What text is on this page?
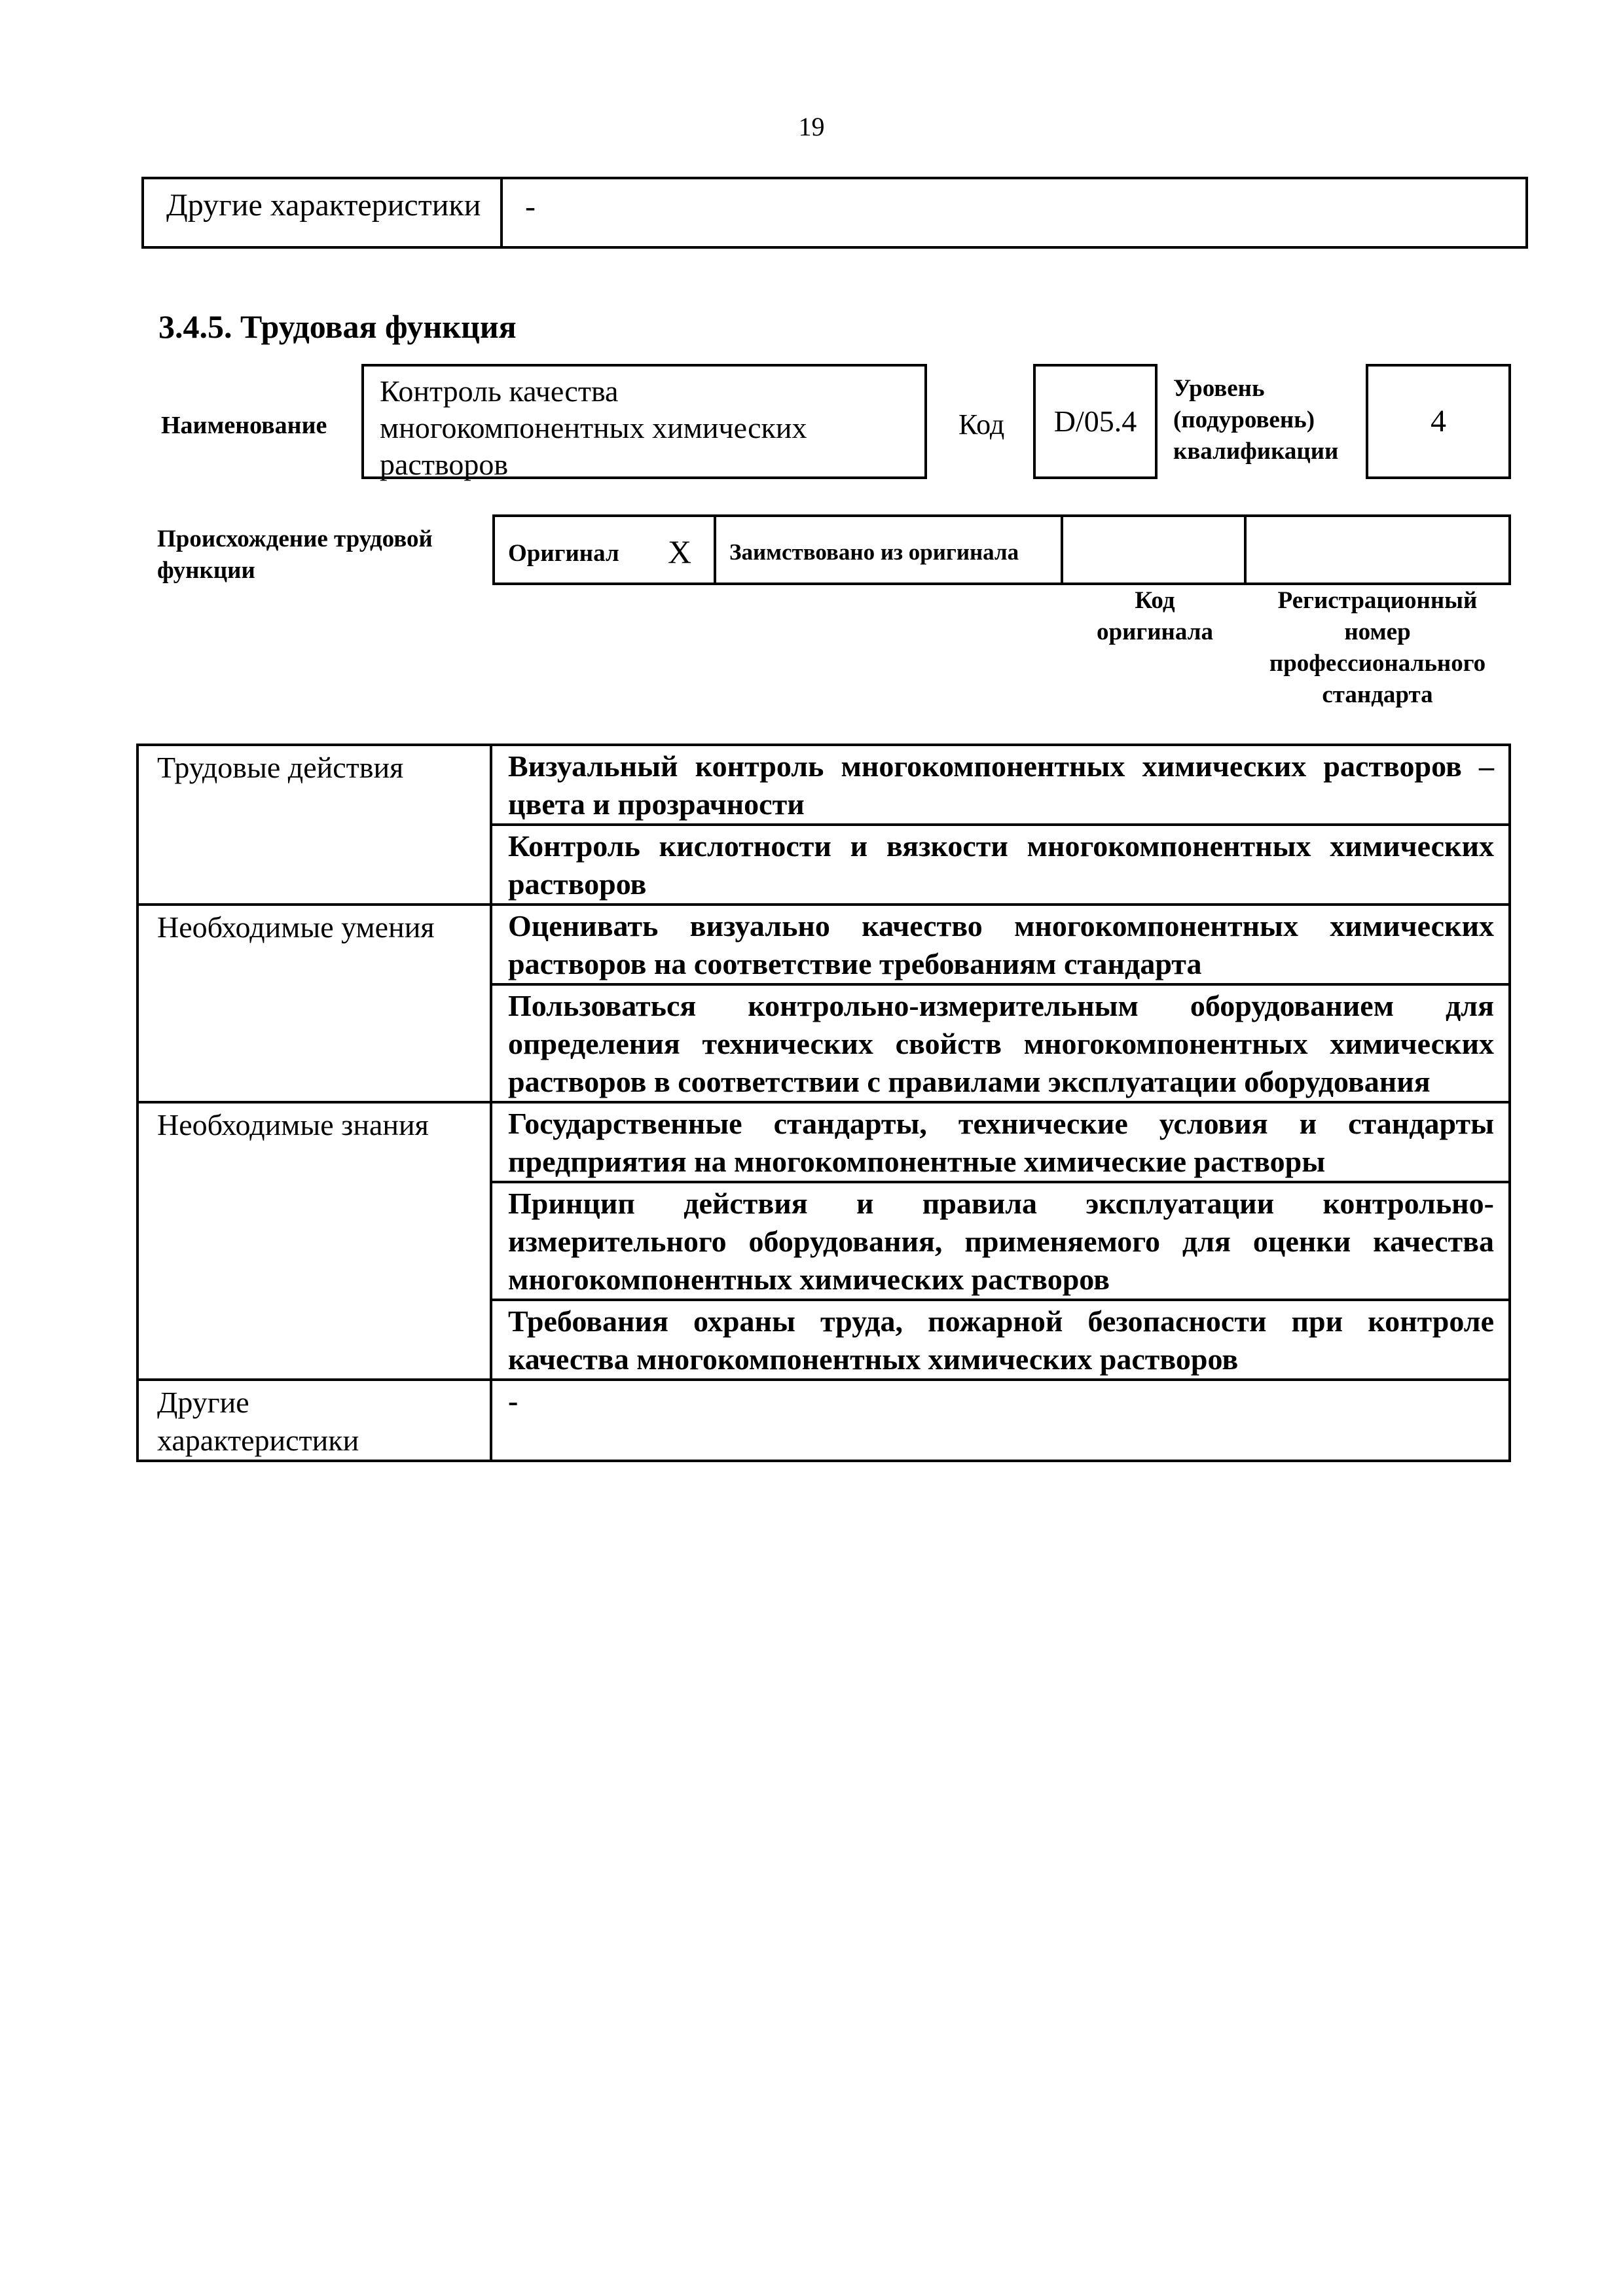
19
Другие характеристики	-
3.4.5. Трудовая функция
Наименование
Контроль качества
многокомпонентных химических
растворов
Код	D/05.4
Уровень
(подуровень)
квалификации
4
Происхождение трудовой
функции
Оригинал X Заимствовано из оригинала
Код
оригинала
Регистрационный
номер
профессионального
стандарта
Трудовые действия	Визуальный контроль многокомпонентных химических растворов – цвета и прозрачности
	Контроль кислотности и вязкости многокомпонентных химических растворов
Необходимые умения	Оценивать визуально качество многокомпонентных химических растворов на соответствие требованиям стандарта
	Пользоваться контрольно-измерительным оборудованием для определения технических свойств многокомпонентных химических растворов в соответствии с правилами эксплуатации оборудования
Необходимые знания	Государственные стандарты, технические условия и стандарты предприятия на многокомпонентные химические растворы
	Принцип действия и правила эксплуатации контрольно-измерительного оборудования, применяемого для оценки качества многокомпонентных химических растворов
	Требования охраны труда, пожарной безопасности при контроле качества многокомпонентных химических растворов

Другие
характеристики	-
